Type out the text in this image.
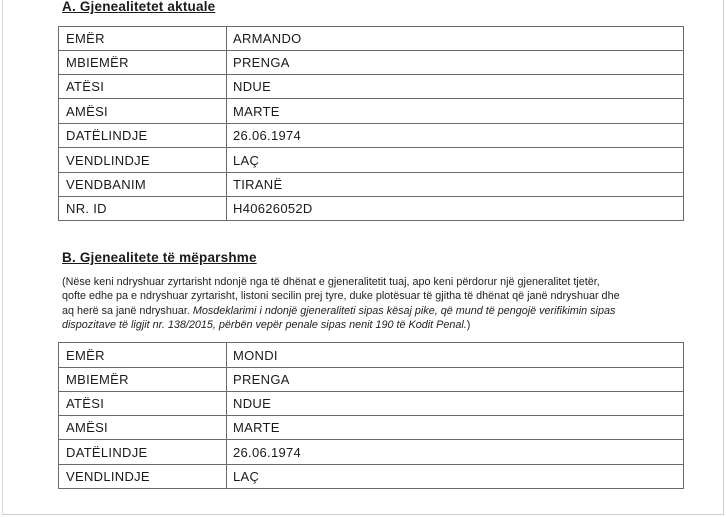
A. Gjenealitetet aktuale
EMËR	ARMANDO
MBIEMËR	PRENGA
ATËSI	NDUE
AMËSI	MARTE
DATËLINDJE	26.06.1974
VENDLINDJE	LAÇ
VENDBANIM	TIRANË
NR. ID	H40626052D
B. Gjenealitete të mëparshme

(Nëse keni ndryshuar zyrtarisht ndonjë nga të dhënat e gjeneralitetit tuaj, apo keni përdorur një gjeneralitet tjetër,

qofte edhe pa e ndryshuar zyrtarisht, listoni secilin prej tyre, duke plotësuar të gjitha të dhënat që janë ndryshuar dhe

aq herë sa janë ndryshuar. Mosdeklarimi i ndonjë gjeneraliteti sipas kësaj pike, që mund të pengojë verifikimin sipas

dispozitave të ligjit nr. 138/2015, përbën vepër penale sipas nenit 190 të Kodit Penal.)

EMËR	MONDI
MBIEMËR	PRENGA
ATËSI	NDUE
AMËSI	MARTE
DATËLINDJE	26.06.1974
VENDLINDJE	LAÇ
